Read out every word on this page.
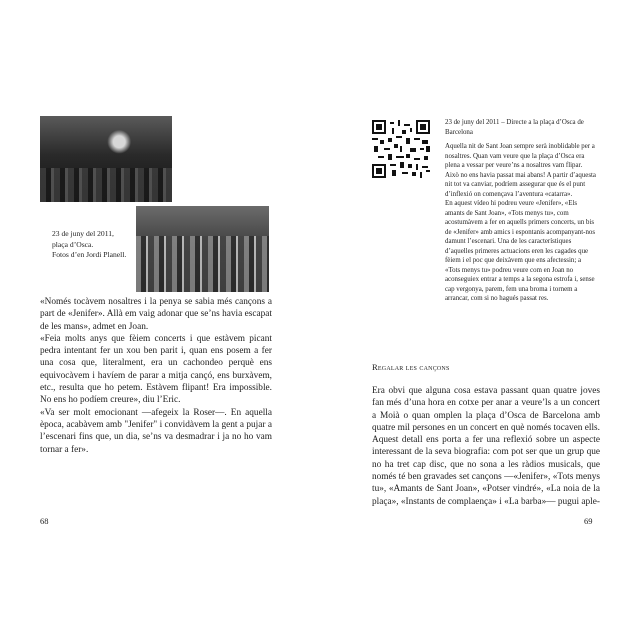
23 de juny del 2011,
plaça d’Osca.
Fotos d’en Jordi Planell.

«Només tocàvem nosaltres i la penya se sabia més cançons a part de «Jenifer». Allà em vaig adonar que se’ns havia escapat de les mans», admet en Joan.

«Feia molts anys que fèiem concerts i que estàvem picant pedra intentant fer un xou ben parit i, quan ens posem a fer una cosa que, literalment, era un cachondeo perquè ens equivocàvem i havíem de parar a mitja cançó, ens burxàvem, etc., resulta que ho petem. Estàvem flipant! Era impossible. No ens ho podíem creure», diu l’Eric.

«Va ser molt emocionant —afegeix la Roser—. En aquella època, acabàvem amb "Jenifer" i convidàvem la gent a pujar a l’escenari fins que, un dia, se’ns va desmadrar i ja no ho vam tornar a fer».

68

23 de juny del 2011 – Directe a la plaça d’Osca de Barcelona

Aquella nit de Sant Joan sempre serà inoblidable per a nosaltres. Quan vam veure que la plaça d’Osca era plena a vessar per veure’ns a nosaltres vam flipar. Això no ens havia passat mai abans! A partir d’aquesta nit tot va canviar, podríem assegurar que és el punt d’inflexió on començava l’aventura «catarra».

En aquest vídeo hi podreu veure «Jenifer», «Els amants de Sant Joan», «Tots menys tu», com acostumàvem a fer en aquells primers concerts, un bis de «Jenifer» amb amics i espontanis acompanyant-nos damunt l’escenari. Una de les característiques d’aquelles primeres actuacions eren les cagades que fèiem i el poc que deixàvem que ens afectessin; a «Tots menys tu» podreu veure com en Joan no aconseguiex entrar a temps a la segona estrofa i, sense cap vergonya, parem, fem una broma i tornem a arrancar, com si no hagués passat res.

Regalar les cançons

Era obvi que alguna cosa estava passant quan quatre joves fan més d’una hora en cotxe per anar a veure’ls a un concert a Moià o quan omplen la plaça d’Osca de Barcelona amb quatre mil persones en un concert en què només tocaven ells. Aquest detall ens porta a fer una reflexió sobre un aspecte interessant de la seva biografia: com pot ser que un grup que no ha tret cap disc, que no sona a les ràdios musicals, que només té ben gravades set cançons —«Jenifer», «Tots menys tu», «Amants de Sant Joan», «Potser vindré», «La noia de la plaça», «Instants de complaença» i «La barba»— pugui aple-

69
